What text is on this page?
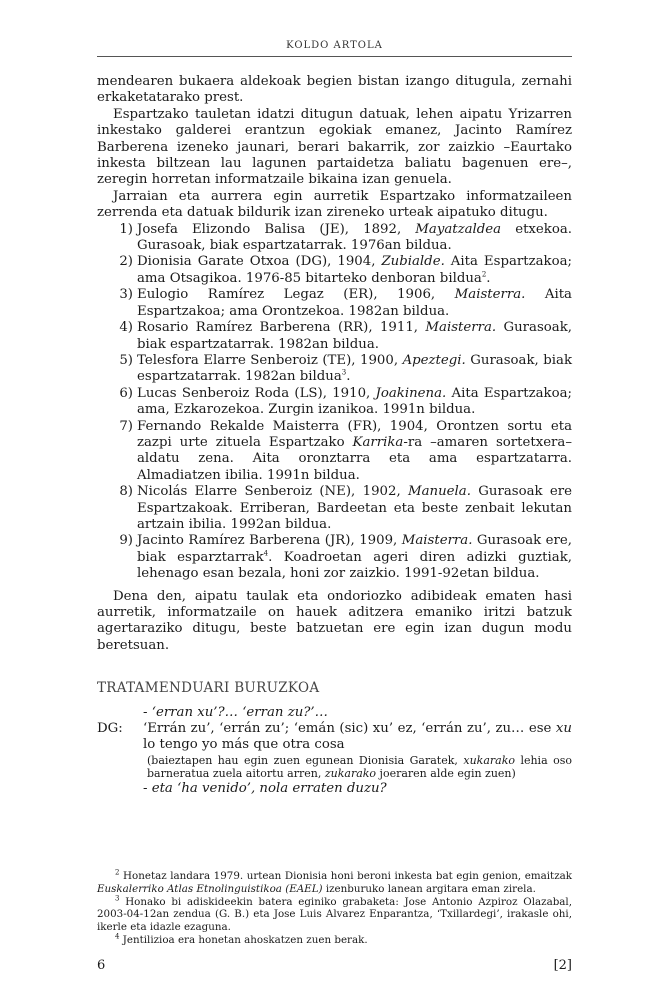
KOLDO ARTOLA

mendearen bukaera aldekoak begien bistan izango ditugula, zernahi erkaketatarako prest.

Espartzako tauletan idatzi ditugun datuak, lehen aipatu Yrizarren inkestako galderei erantzun egokiak emanez, Jacinto Ramírez Barberena izeneko jaunari, berari bakarrik, zor zaizkio –Eaurtako inkesta biltzean lau lagunen partaidetza baliatu bagenuen ere–, zeregin horretan informatzaile bikaina izan genuela.

Jarraian eta aurrera egin aurretik Espartzako informatzaileen zerrenda eta datuak bildurik izan zireneko urteak aipatuko ditugu.

1) Josefa Elizondo Balisa (JE), 1892, Mayatzaldea etxekoa. Gurasoak, biak espartzatarrak. 1976an bildua.
2) Dionisia Garate Otxoa (DG), 1904, Zubialde. Aita Espartzakoa; ama Otsagikoa. 1976-85 bitarteko denboran bildua$^2$.
3) Eulogio Ramírez Legaz (ER), 1906, Maisterra. Aita Espartzakoa; ama Orontzekoa. 1982an bildua.
4) Rosario Ramírez Barberena (RR), 1911, Maisterra. Gurasoak, biak espartzatarrak. 1982an bildua.
5) Telesfora Elarre Senberoiz (TE), 1900, Apeztegi. Gurasoak, biak espartzatarrak. 1982an bildua$^3$.
6) Lucas Senberoiz Roda (LS), 1910, Joakinena. Aita Espartzakoa; ama, Ezkarozekoa. Zurgin izanikoa. 1991n bildua.
7) Fernando Rekalde Maisterra (FR), 1904, Orontzen sortu eta zazpi urte zituela Espartzako Karrika-ra –amaren sortetxera– aldatu zena. Aita oronztarra eta ama espartzatarra. Almadiatzen ibilia. 1991n bildua.
8) Nicolás Elarre Senberoiz (NE), 1902, Manuela. Gurasoak ere Espartzakoak. Erriberan, Bardeetan eta beste zenbait lekutan artzain ibilia. 1992an bildua.
9) Jacinto Ramírez Barberena (JR), 1909, Maisterra. Gurasoak ere, biak esparztarrak$^4$. Koadroetan ageri diren adizki guztiak, lehenago esan bezala, honi zor zaizkio. 1991-92etan bildua.

Dena den, aipatu taulak eta ondoriozko adibideak ematen hasi aurretik, informatzaile on hauek aditzera emaniko iritzi batzuk agertaraziko ditugu, beste batzuetan ere egin izan dugun modu beretsuan.

TRATAMENDUARI BURUZKOA
- ‘erran xu’?… ‘erran zu?’…
DG: ‘Errán zu’, ‘errán zu’; ‘emán (sic) xu’ ez, ‘errán zu’, zu… ese xu lo tengo yo más que otra cosa
(baieztapen hau egin zuen egunean Dionisia Garatek, xukarako lehia oso barneratua zuela aitortu arren, zukarako joeraren alde egin zuen)
- eta ‘ha venido’, nola erraten duzu?

$^2$ Honetaz landara 1979. urtean Dionisia honi beroni inkesta bat egin genion, emaitzak Euskalerriko Atlas Etnolinguistikoa (EAEL) izenburuko lanean argitara eman zirela.

$^3$ Honako bi adiskideekin batera eginiko grabaketa: Jose Antonio Azpiroz Olazabal, 2003-04-12an zendua (G. B.) eta Jose Luis Alvarez Enparantza, ‘Txillardegi’, irakasle ohi, ikerle eta idazle ezaguna.

$^4$ Jentilizioa era honetan ahoskatzen zuen berak.

6	[2]
